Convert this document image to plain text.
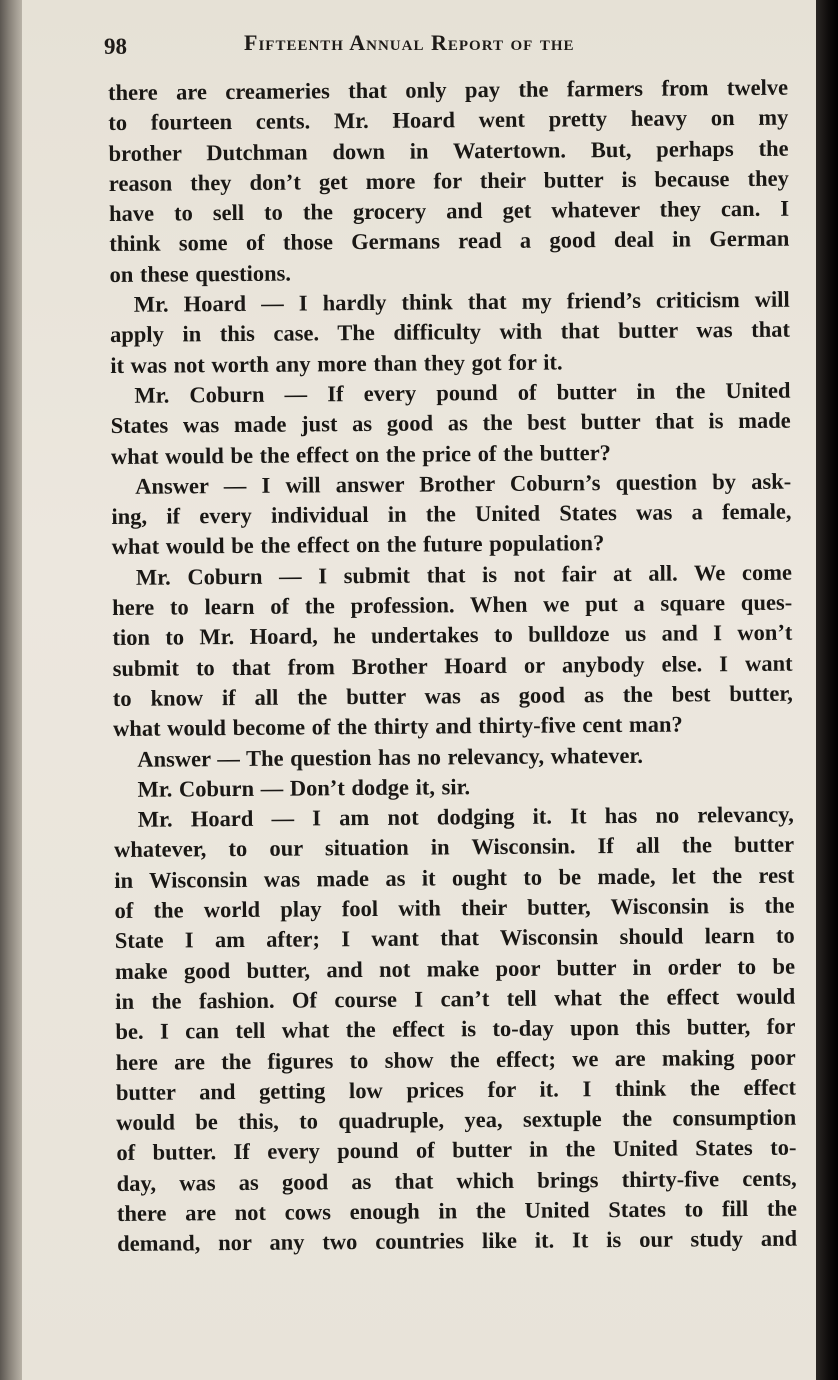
98	Fifteenth Annual Report of the
there are creameries that only pay the farmers from twelve
to fourteen cents. Mr. Hoard went pretty heavy on my
brother Dutchman down in Watertown. But, perhaps the
reason they don’t get more for their butter is because they
have to sell to the grocery and get whatever they can. I
think some of those Germans read a good deal in German
on these questions.
Mr. Hoard — I hardly think that my friend’s criticism will
apply in this case. The difficulty with that butter was that
it was not worth any more than they got for it.
Mr. Coburn — If every pound of butter in the United
States was made just as good as the best butter that is made
what would be the effect on the price of the butter?
Answer — I will answer Brother Coburn’s question by ask-
ing, if every individual in the United States was a female,
what would be the effect on the future population?
Mr. Coburn — I submit that is not fair at all. We come
here to learn of the profession. When we put a square ques-
tion to Mr. Hoard, he undertakes to bulldoze us and I won’t
submit to that from Brother Hoard or anybody else. I want
to know if all the butter was as good as the best butter,
what would become of the thirty and thirty-five cent man?
Answer — The question has no relevancy, whatever.
Mr. Coburn — Don’t dodge it, sir.
Mr. Hoard — I am not dodging it. It has no relevancy,
whatever, to our situation in Wisconsin. If all the butter
in Wisconsin was made as it ought to be made, let the rest
of the world play fool with their butter, Wisconsin is the
State I am after; I want that Wisconsin should learn to
make good butter, and not make poor butter in order to be
in the fashion. Of course I can’t tell what the effect would
be. I can tell what the effect is to-day upon this butter, for
here are the figures to show the effect; we are making poor
butter and getting low prices for it. I think the effect
would be this, to quadruple, yea, sextuple the consumption
of butter. If every pound of butter in the United States to-
day, was as good as that which brings thirty-five cents,
there are not cows enough in the United States to fill the
demand, nor any two countries like it. It is our study and
